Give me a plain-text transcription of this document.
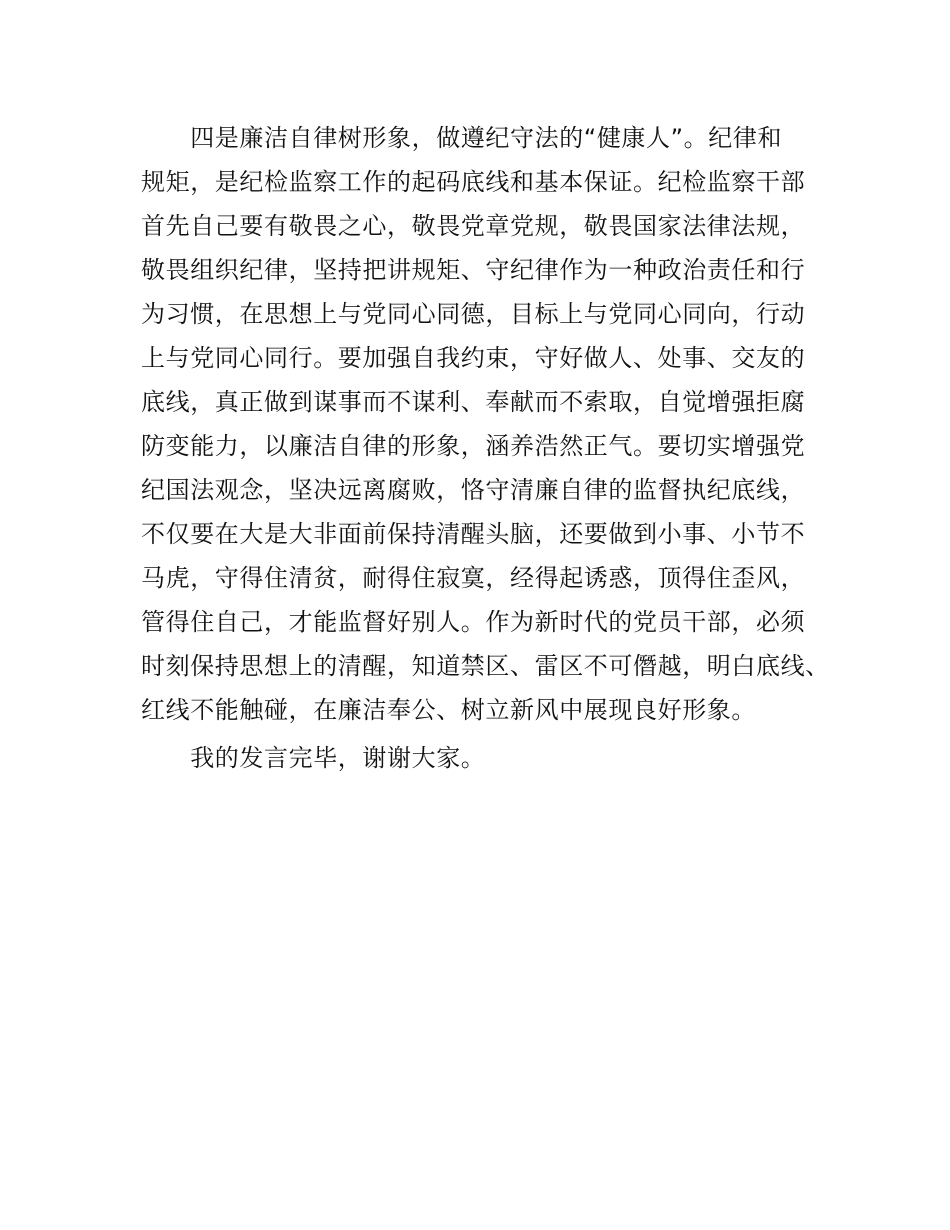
　　四是廉洁自律树形象，做遵纪守法的“健康人”。纪律和
规矩，是纪检监察工作的起码底线和基本保证。纪检监察干部
首先自己要有敬畏之心，敬畏党章党规，敬畏国家法律法规，
敬畏组织纪律，坚持把讲规矩、守纪律作为一种政治责任和行
为习惯，在思想上与党同心同德，目标上与党同心同向，行动
上与党同心同行。要加强自我约束，守好做人、处事、交友的
底线，真正做到谋事而不谋利、奉献而不索取，自觉增强拒腐
防变能力，以廉洁自律的形象，涵养浩然正气。要切实增强党
纪国法观念，坚决远离腐败，恪守清廉自律的监督执纪底线，
不仅要在大是大非面前保持清醒头脑，还要做到小事、小节不
马虎，守得住清贫，耐得住寂寞，经得起诱惑，顶得住歪风，
管得住自己，才能监督好别人。作为新时代的党员干部，必须
时刻保持思想上的清醒，知道禁区、雷区不可僭越，明白底线、
红线不能触碰，在廉洁奉公、树立新风中展现良好形象。
　　我的发言完毕，谢谢大家。
